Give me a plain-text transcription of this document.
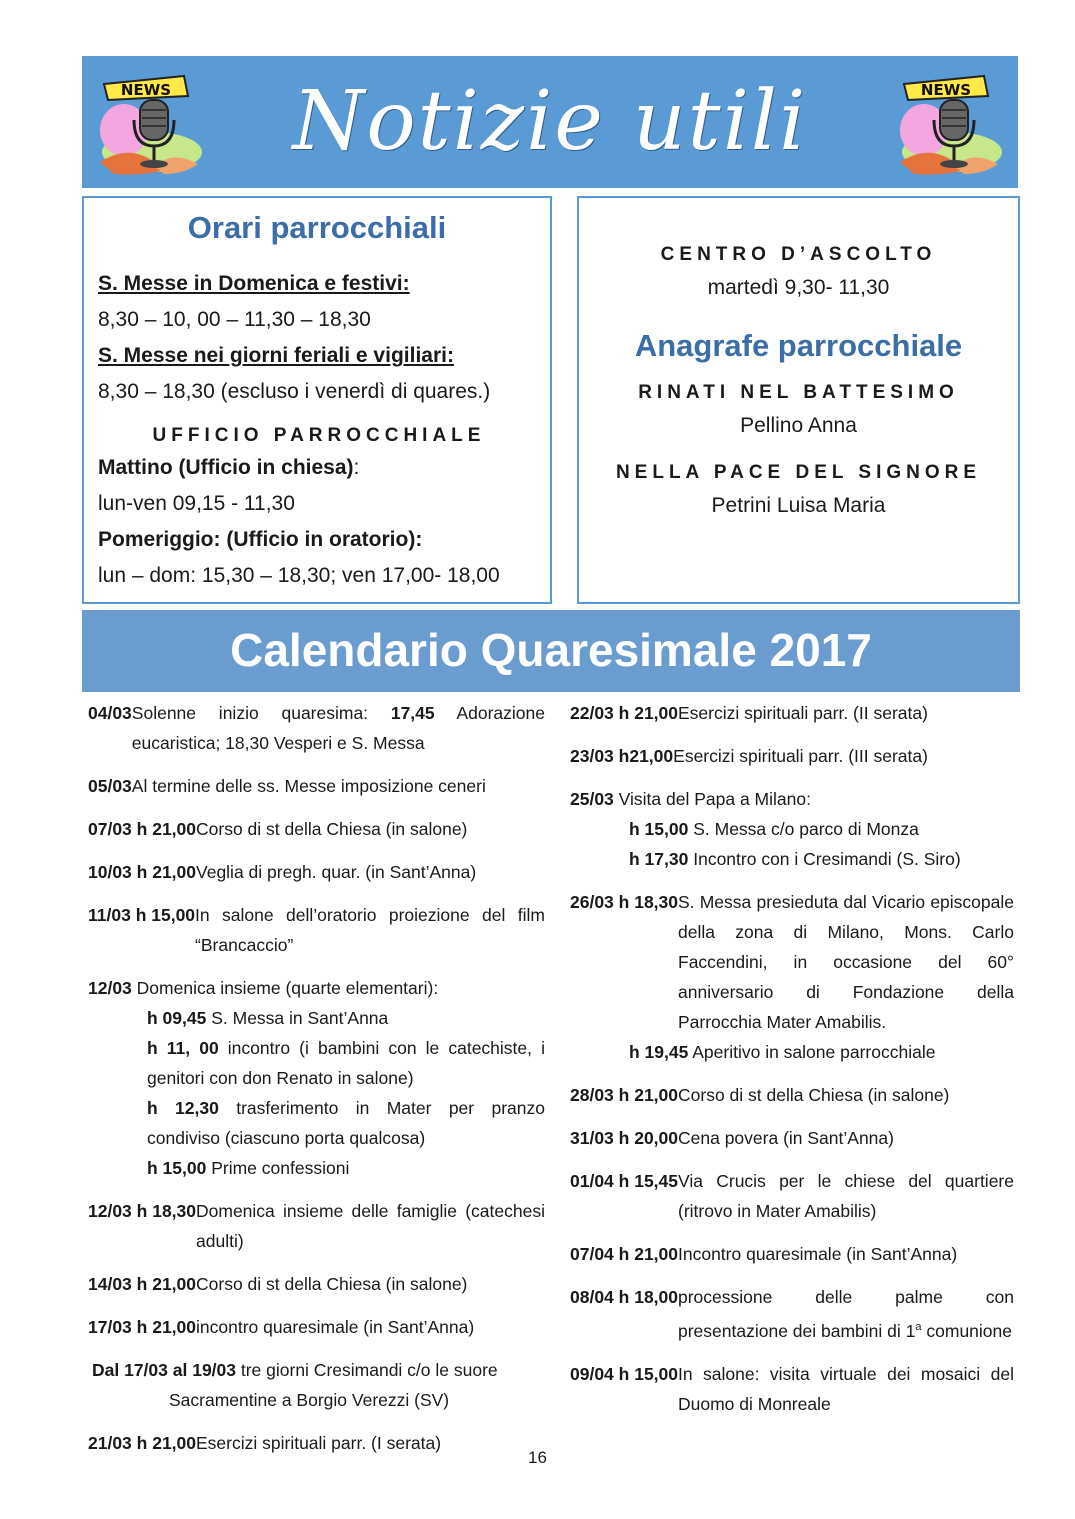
NEWS	Notizie utili	NEWS
Orari parrocchiali
S. Messe in Domenica e festivi:
8,30 – 10, 00 – 11,30 – 18,30
S. Messe nei giorni feriali e vigiliari:
8,30 – 18,30 (escluso i venerdì di quares.)
UFFICIO PARROCCHIALE
Mattino (Ufficio in chiesa):
lun-ven 09,15 - 11,30
Pomeriggio: (Ufficio in oratorio):
lun – dom: 15,30 – 18,30; ven 17,00- 18,00
CENTRO D’ASCOLTO
martedì 9,30- 11,30
Anagrafe parrocchiale
RINATI NEL BATTESIMO
Pellino Anna
NELLA PACE DEL SIGNORE
Petrini Luisa Maria
Calendario Quaresimale 2017
04/03 Solenne inizio quaresima: 17,45 Adorazione eucaristica; 18,30 Vesperi e S. Messa
05/03 Al termine delle ss. Messe imposizione ceneri
07/03 h 21,00 Corso di st della Chiesa (in salone)
10/03 h 21,00 Veglia di pregh. quar. (in Sant’Anna)
11/03 h 15,00 In salone dell’oratorio proiezione del film “Brancaccio”
12/03 Domenica insieme (quarte elementari):
h 09,45 S. Messa in Sant’Anna
h 11, 00 incontro (i bambini con le catechiste, i genitori con don Renato in salone)
h 12,30 trasferimento in Mater per pranzo condiviso (ciascuno porta qualcosa)
h 15,00 Prime confessioni
12/03 h 18,30 Domenica insieme delle famiglie (catechesi adulti)
14/03 h 21,00 Corso di st della Chiesa (in salone)
17/03 h 21,00 incontro quaresimale (in Sant’Anna)
Dal 17/03 al 19/03 tre giorni Cresimandi c/o le suore
Sacramentine a Borgio Verezzi (SV)
21/03 h 21,00 Esercizi spirituali parr. (I serata)
22/03 h 21,00 Esercizi spirituali parr. (II serata)
23/03 h21,00 Esercizi spirituali parr. (III serata)
25/03 Visita del Papa a Milano:
h 15,00 S. Messa c/o parco di Monza
h 17,30 Incontro con i Cresimandi (S. Siro)
26/03 h 18,30 S. Messa presieduta dal Vicario episcopale della zona di Milano, Mons. Carlo Faccendini, in occasione del 60° anniversario di Fondazione della Parrocchia Mater Amabilis.
h 19,45 Aperitivo in salone parrocchiale
28/03 h 21,00 Corso di st della Chiesa (in salone)
31/03 h 20,00 Cena povera (in Sant’Anna)
01/04 h 15,45 Via Crucis per le chiese del quartiere (ritrovo in Mater Amabilis)
07/04 h 21,00 Incontro quaresimale (in Sant’Anna)
08/04 h 18,00 processione delle palme con presentazione dei bambini di 1$^a$ comunione
09/04 h 15,00 In salone: visita virtuale dei mosaici del Duomo di Monreale
16
